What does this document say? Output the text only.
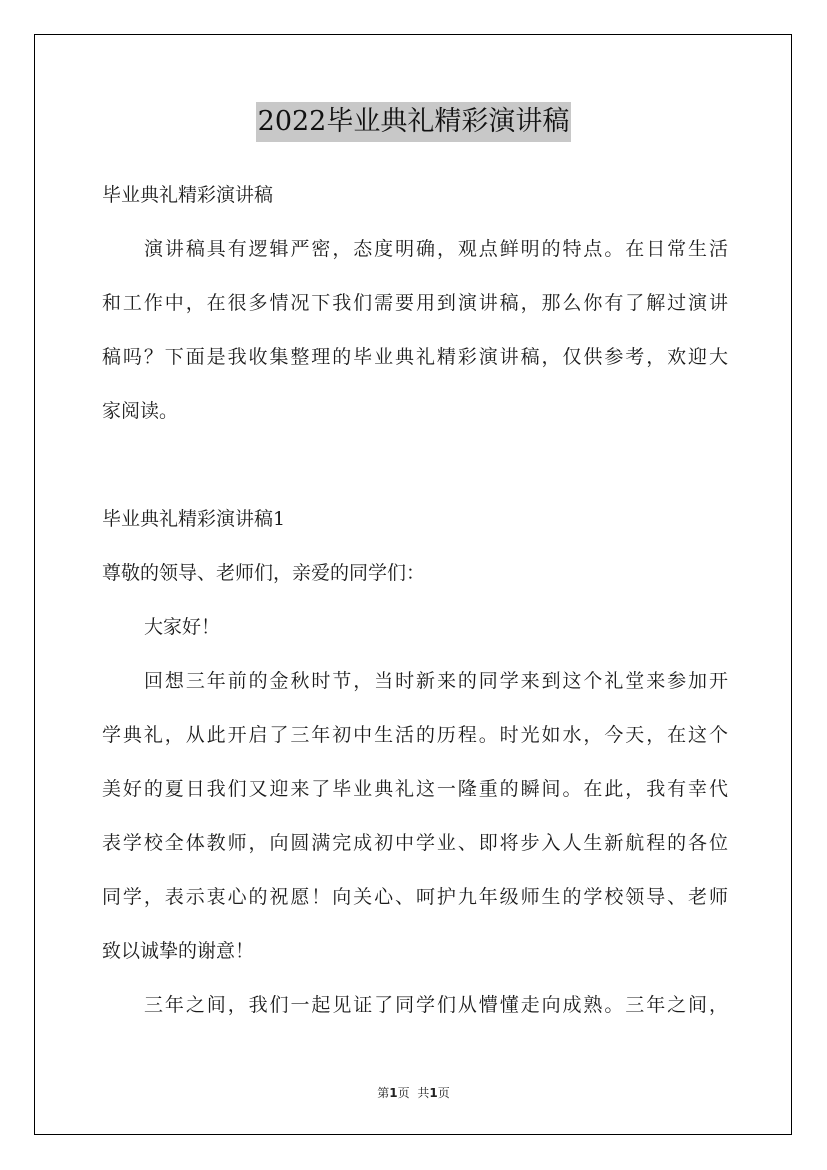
2022毕业典礼精彩演讲稿
毕业典礼精彩演讲稿
演讲稿具有逻辑严密，态度明确，观点鲜明的特点。在日常生活
和工作中，在很多情况下我们需要用到演讲稿，那么你有了解过演讲
稿吗？下面是我收集整理的毕业典礼精彩演讲稿，仅供参考，欢迎大
家阅读。
毕业典礼精彩演讲稿1
尊敬的领导、老师们，亲爱的同学们：
大家好！
回想三年前的金秋时节，当时新来的同学来到这个礼堂来参加开
学典礼，从此开启了三年初中生活的历程。时光如水，今天，在这个
美好的夏日我们又迎来了毕业典礼这一隆重的瞬间。在此，我有幸代
表学校全体教师，向圆满完成初中学业、即将步入人生新航程的各位
同学，表示衷心的祝愿！向关心、呵护九年级师生的学校领导、老师
致以诚挚的谢意！
三年之间，我们一起见证了同学们从懵懂走向成熟。三年之间，
第1页 共1页
